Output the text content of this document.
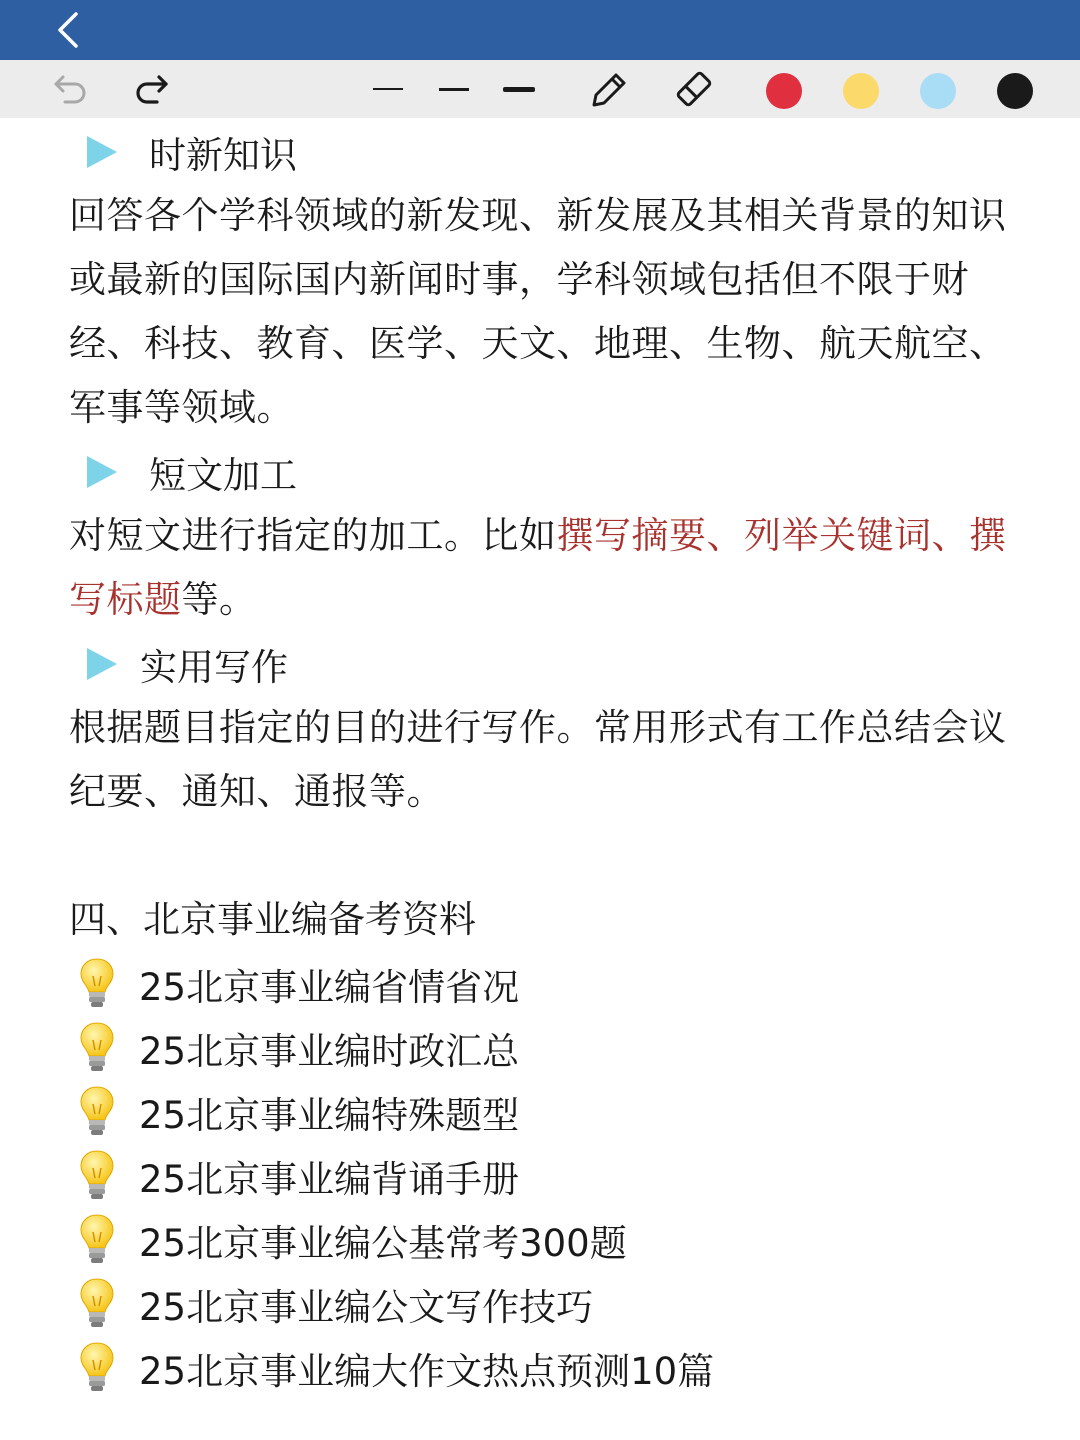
时新知识
回答各个学科领域的新发现、新发展及其相关背景的知识或最新的国际国内新闻时事，学科领域包括但不限于财经、科技、教育、医学、天文、地理、生物、航天航空、军事等领域。
短文加工
对短文进行指定的加工。比如撰写摘要、列举关键词、撰写标题等。
实用写作
根据题目指定的目的进行写作。常用形式有工作总结会议纪要、通知、通报等。
四、北京事业编备考资料
25北京事业编省情省况
25北京事业编时政汇总
25北京事业编特殊题型
25北京事业编背诵手册
25北京事业编公基常考300题
25北京事业编公文写作技巧
25北京事业编大作文热点预测10篇
